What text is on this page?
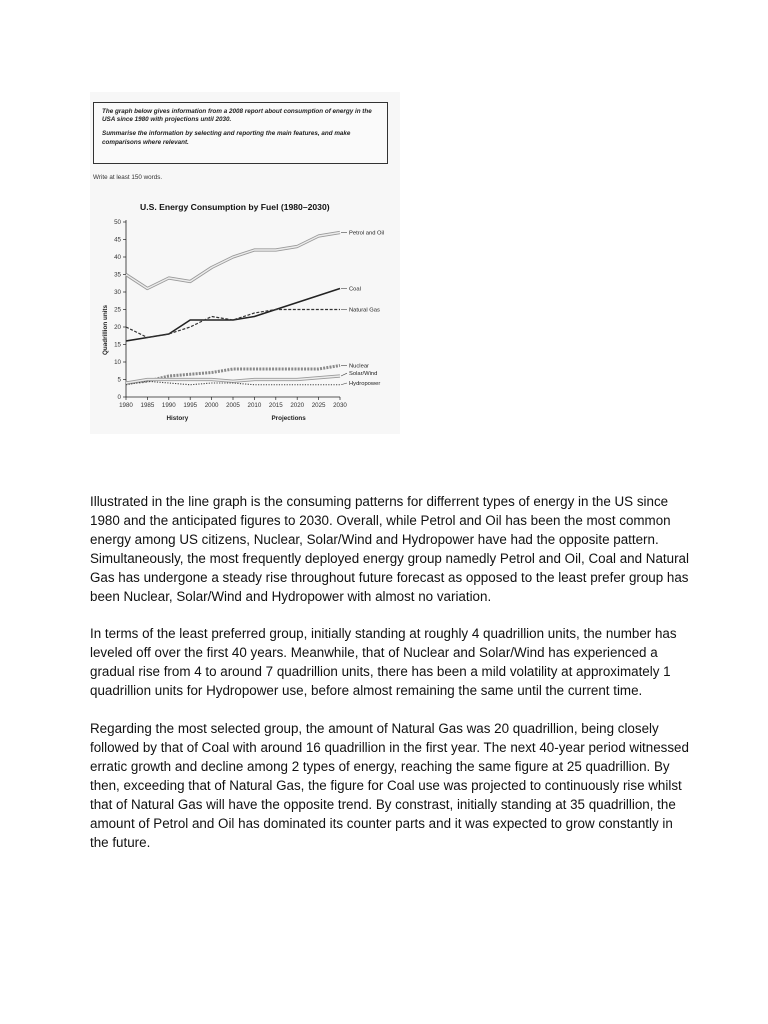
The graph below gives information from a 2008 report about consumption of energy in the USA since 1980 with projections until 2030.

Summarise the information by selecting and reporting the main features, and make comparisons where relevant.

Write at least 150 words.
U.S. Energy Consumption by Fuel (1980–2030)
Quadrillion units
0
5
10
15
20
25
30
35
40
45
50
1980 1985 1990 1995 2000 2005 2010 2015 2020 2025 2030
History	Projections
Petrol and Oil
Coal
Natural Gas
Nuclear
Solar/Wind
Hydropower

Illustrated in the line graph is the consuming patterns for differrent types of energy in the US since 1980 and the anticipated figures to 2030. Overall, while Petrol and Oil has been the most common energy among US citizens, Nuclear, Solar/Wind and Hydropower have had the opposite pattern. Simultaneously, the most frequently deployed energy group namedly Petrol and Oil, Coal and Natural Gas has undergone a steady rise throughout future forecast as opposed to the least prefer group has been Nuclear, Solar/Wind and Hydropower with almost no variation.

In terms of the least preferred group, initially standing at roughly 4 quadrillion units, the number has leveled off over the first 40 years. Meanwhile, that of Nuclear and Solar/Wind has experienced a gradual rise from 4 to around 7 quadrillion units, there has been a mild volatility at approximately 1 quadrillion units for Hydropower use, before almost remaining the same until the current time.

Regarding the most selected group, the amount of Natural Gas was 20 quadrillion, being closely followed by that of Coal with around 16 quadrillion in the first year. The next 40-year period witnessed erratic growth and decline among 2 types of energy, reaching the same figure at 25 quadrillion. By then, exceeding that of Natural Gas, the figure for Coal use was projected to continuously rise whilst that of Natural Gas will have the opposite trend. By constrast, initially standing at 35 quadrillion, the amount of Petrol and Oil has dominated its counter parts and it was expected to grow constantly in the future.
